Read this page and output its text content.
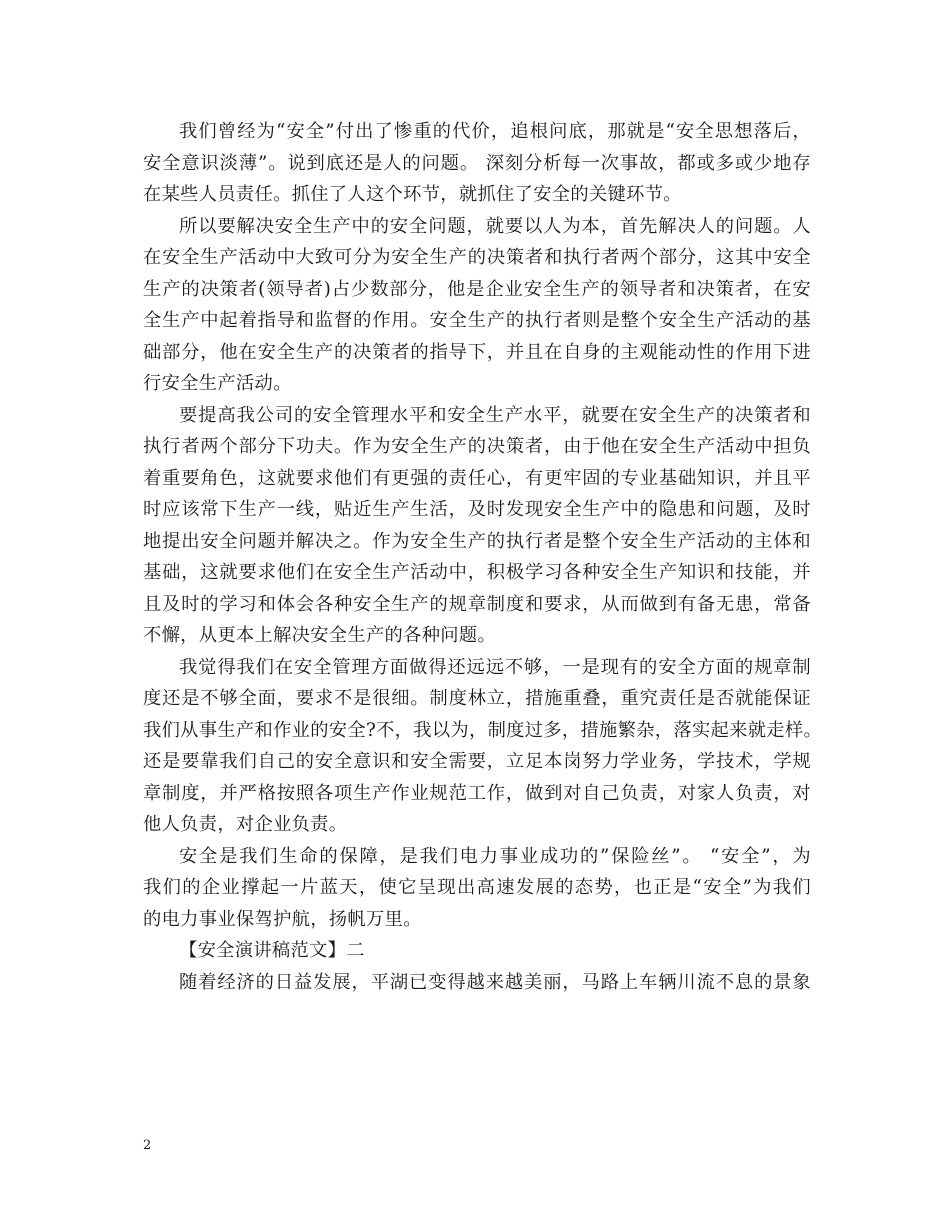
我们曾经为“安全”付出了惨重的代价，追根问底，那就是“安全思想落后，
安全意识淡薄”。说到底还是人的问题。 深刻分析每一次事故，都或多或少地存
在某些人员责任。抓住了人这个环节，就抓住了安全的关键环节。

所以要解决安全生产中的安全问题，就要以人为本，首先解决人的问题。人
在安全生产活动中大致可分为安全生产的决策者和执行者两个部分，这其中安全
生产的决策者(领导者)占少数部分，他是企业安全生产的领导者和决策者，在安
全生产中起着指导和监督的作用。安全生产的执行者则是整个安全生产活动的基
础部分，他在安全生产的决策者的指导下，并且在自身的主观能动性的作用下进
行安全生产活动。

要提高我公司的安全管理水平和安全生产水平，就要在安全生产的决策者和
执行者两个部分下功夫。作为安全生产的决策者，由于他在安全生产活动中担负
着重要角色，这就要求他们有更强的责任心，有更牢固的专业基础知识，并且平
时应该常下生产一线，贴近生产生活，及时发现安全生产中的隐患和问题，及时
地提出安全问题并解决之。作为安全生产的执行者是整个安全生产活动的主体和
基础，这就要求他们在安全生产活动中，积极学习各种安全生产知识和技能，并
且及时的学习和体会各种安全生产的规章制度和要求，从而做到有备无患，常备
不懈，从更本上解决安全生产的各种问题。

我觉得我们在安全管理方面做得还远远不够，一是现有的安全方面的规章制
度还是不够全面，要求不是很细。制度林立，措施重叠，重究责任是否就能保证
我们从事生产和作业的安全?不，我以为，制度过多，措施繁杂，落实起来就走样。
还是要靠我们自己的安全意识和安全需要，立足本岗努力学业务，学技术，学规
章制度，并严格按照各项生产作业规范工作，做到对自己负责，对家人负责，对
他人负责，对企业负责。

安全是我们生命的保障，是我们电力事业成功的”保险丝”。 “安全”，为
我们的企业撑起一片蓝天，使它呈现出高速发展的态势，也正是“安全”为我们
的电力事业保驾护航，扬帆万里。

【安全演讲稿范文】二

随着经济的日益发展，平湖已变得越来越美丽，马路上车辆川流不息的景象

2
